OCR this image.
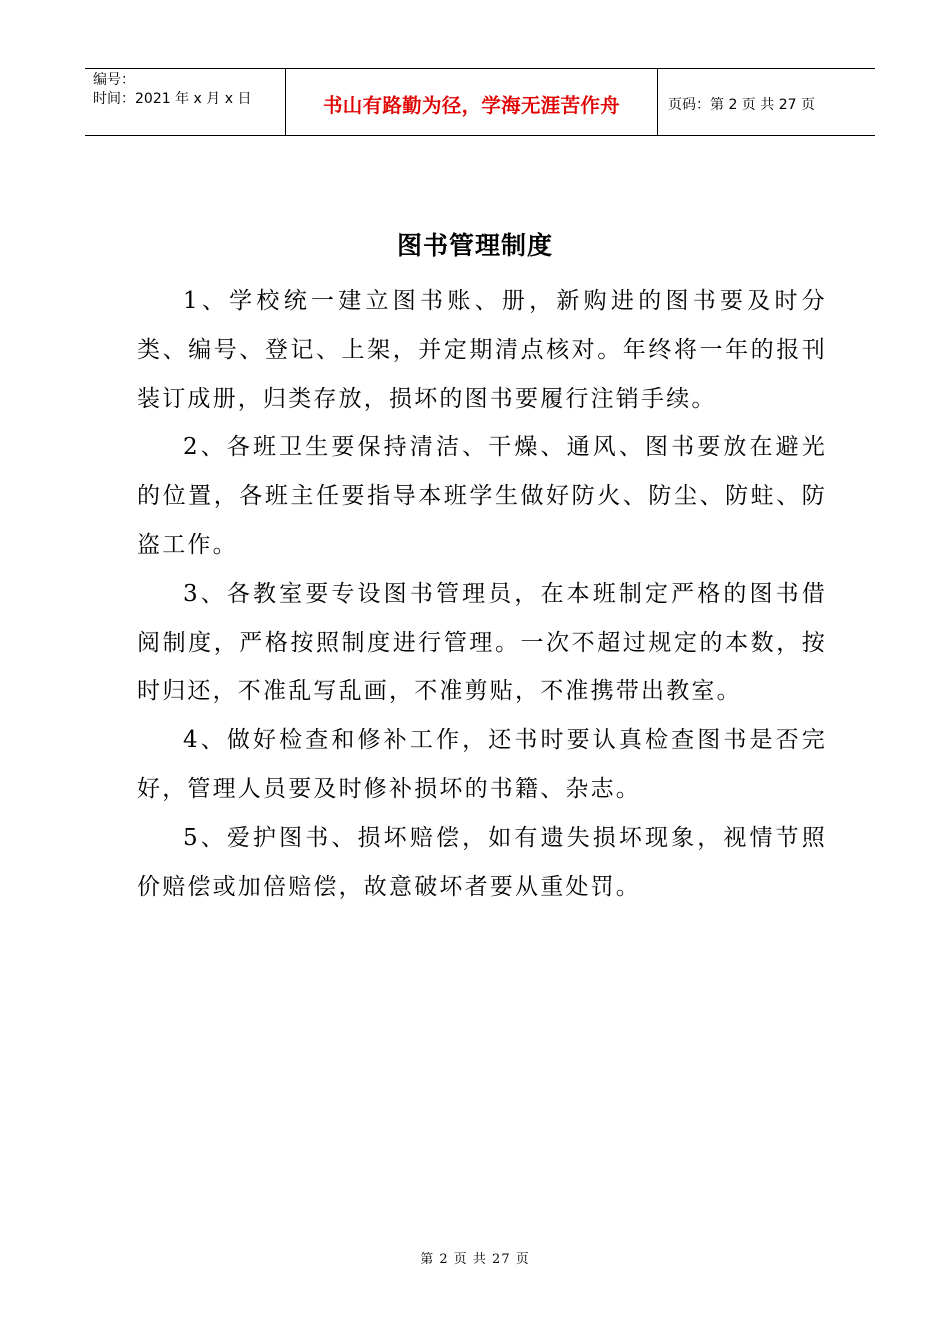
编号：
时间：2021 年 x 月 x 日	书山有路勤为径，学海无涯苦作舟	页码：第 2 页 共 27 页
图书管理制度

1、学校统一建立图书账、册，新购进的图书要及时分类、编号、登记、上架，并定期清点核对。年终将一年的报刊装订成册，归类存放，损坏的图书要履行注销手续。

2、各班卫生要保持清洁、干燥、通风、图书要放在避光的位置，各班主任要指导本班学生做好防火、防尘、防蛀、防盗工作。

3、各教室要专设图书管理员，在本班制定严格的图书借阅制度，严格按照制度进行管理。一次不超过规定的本数，按时归还，不准乱写乱画，不准剪贴，不准携带出教室。

4、做好检查和修补工作，还书时要认真检查图书是否完好，管理人员要及时修补损坏的书籍、杂志。

5、爱护图书、损坏赔偿，如有遗失损坏现象，视情节照价赔偿或加倍赔偿，故意破坏者要从重处罚。

第 2 页 共 27 页
